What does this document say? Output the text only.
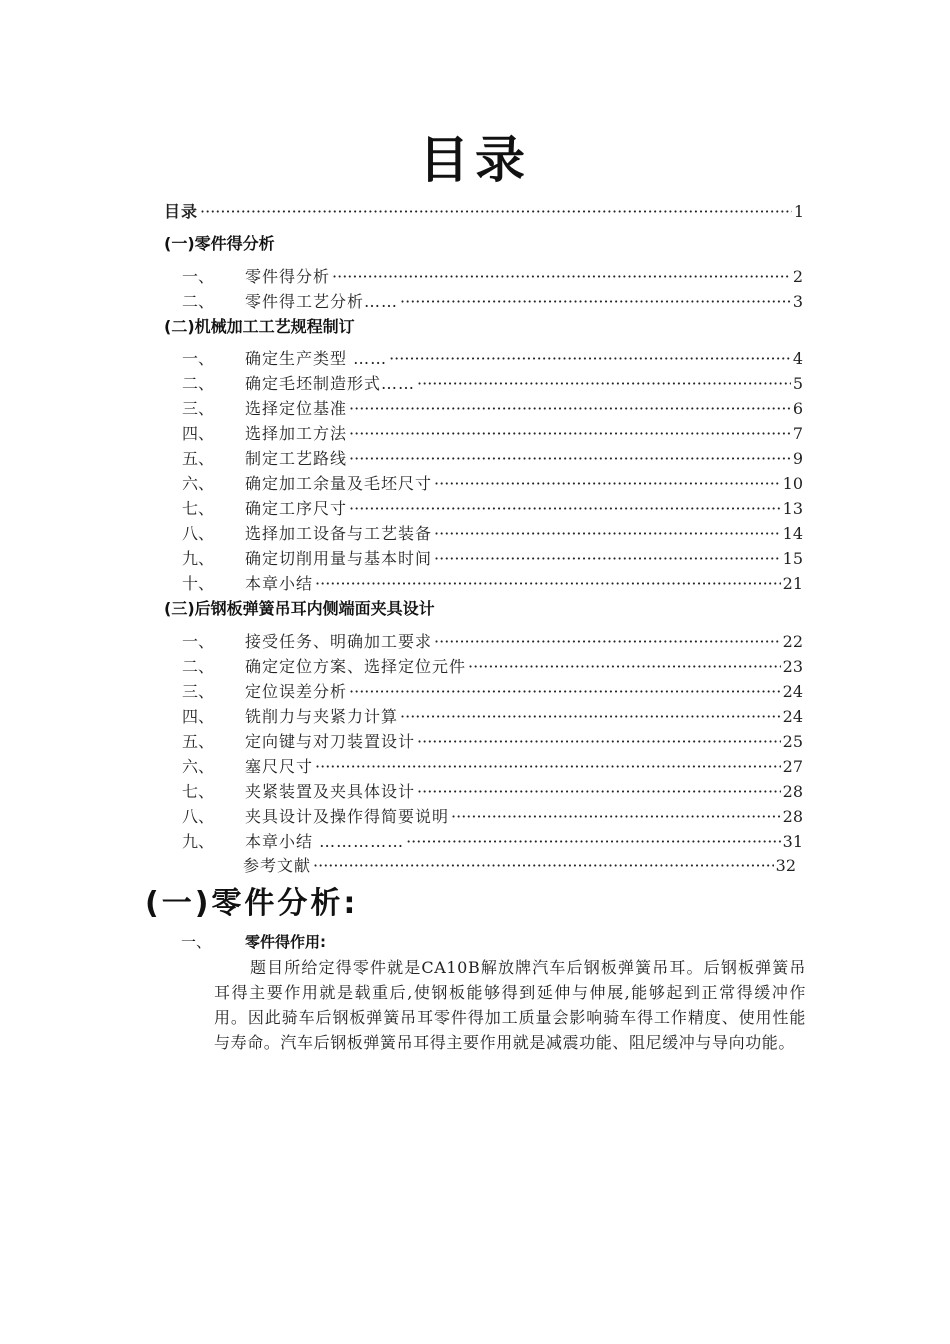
目录
目录 ·····	1
(一)零件得分析
一、	零件得分析 ·····	2
二、	零件得工艺分析…… ·····	3
(二)机械加工工艺规程制订
一、	确定生产类型 …… ·····	4
二、	确定毛坯制造形式…… ·····	5
三、	选择定位基准 ·····	6
四、	选择加工方法 ·····	7
五、	制定工艺路线 ·····	9
六、	确定加工余量及毛坯尺寸 ·····	10
七、	确定工序尺寸 ·····	13
八、	选择加工设备与工艺装备 ·····	14
九、	确定切削用量与基本时间 ·····	15
十、	本章小结 ·····	21
(三)后钢板弹簧吊耳内侧端面夹具设计
一、	接受任务、明确加工要求 ·····	22
二、	确定定位方案、选择定位元件 ·····	23
三、	定位误差分析 ·····	24
四、	铣削力与夹紧力计算 ·····	24
五、	定向键与对刀装置设计 ·····	25
六、	塞尺尺寸 ·····	27
七、	夹紧装置及夹具体设计 ·····	28
八、	夹具设计及操作得简要说明 ·····	28
九、	本章小结 …………… ·····	31
参考文献 ·····	32
(一)零件分析:
一、	零件得作用:
题目所给定得零件就是CA10B解放牌汽车后钢板弹簧吊耳。后钢板弹簧吊耳得主要作用就是载重后,使钢板能够得到延伸与伸展,能够起到正常得缓冲作用。因此骑车后钢板弹簧吊耳零件得加工质量会影响骑车得工作精度、使用性能与寿命。汽车后钢板弹簧吊耳得主要作用就是减震功能、阻尼缓冲与导向功能。
